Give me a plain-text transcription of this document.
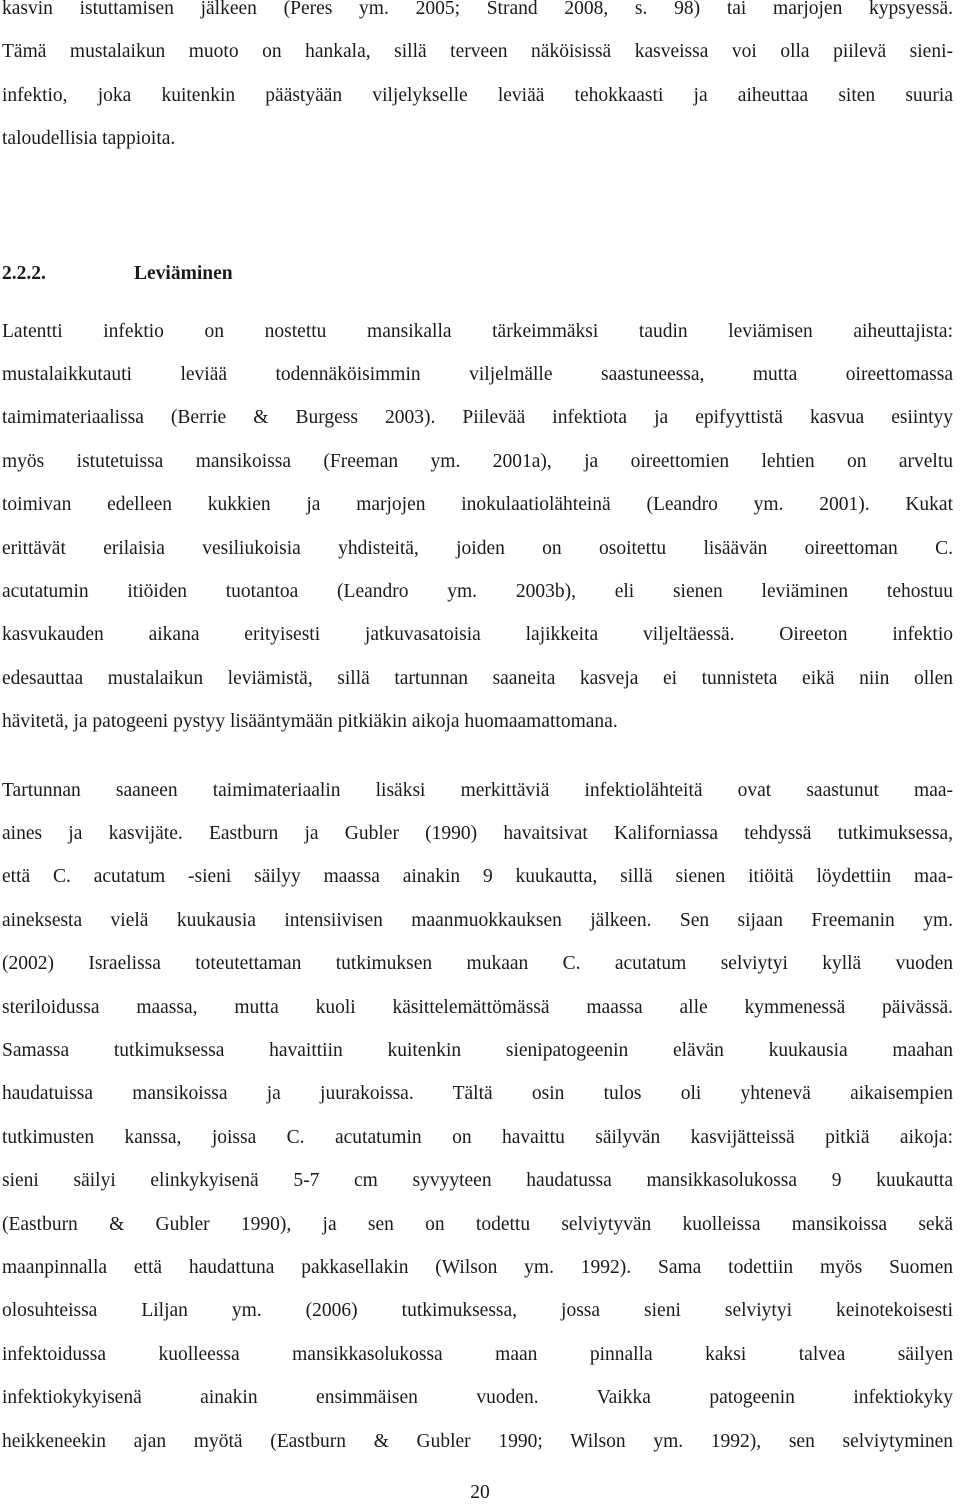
kasvin istuttamisen jälkeen (Peres ym. 2005; Strand 2008, s. 98) tai marjojen kypsyessä.
Tämä mustalaikun muoto on hankala, sillä terveen näköisissä kasveissa voi olla piilevä sieni-
infektio, joka kuitenkin päästyään viljelykselle leviää tehokkaasti ja aiheuttaa siten suuria
taloudellisia tappioita.
2.2.2.	Leviäminen
Latentti infektio on nostettu mansikalla tärkeimmäksi taudin leviämisen aiheuttajista:
mustalaikkutauti leviää todennäköisimmin viljelmälle saastuneessa, mutta oireettomassa
taimimateriaalissa (Berrie & Burgess 2003). Piilevää infektiota ja epifyyttistä kasvua esiintyy
myös istutetuissa mansikoissa (Freeman ym. 2001a), ja oireettomien lehtien on arveltu
toimivan edelleen kukkien ja marjojen inokulaatiolähteinä (Leandro ym. 2001). Kukat
erittävät erilaisia vesiliukoisia yhdisteitä, joiden on osoitettu lisäävän oireettoman C.
acutatumin itiöiden tuotantoa (Leandro ym. 2003b), eli sienen leviäminen tehostuu
kasvukauden aikana erityisesti jatkuvasatoisia lajikkeita viljeltäessä. Oireeton infektio
edesauttaa mustalaikun leviämistä, sillä tartunnan saaneita kasveja ei tunnisteta eikä niin ollen
hävitetä, ja patogeeni pystyy lisääntymään pitkiäkin aikoja huomaamattomana.
Tartunnan saaneen taimimateriaalin lisäksi merkittäviä infektiolähteitä ovat saastunut maa-
aines ja kasvijäte. Eastburn ja Gubler (1990) havaitsivat Kaliforniassa tehdyssä tutkimuksessa,
että C. acutatum -sieni säilyy maassa ainakin 9 kuukautta, sillä sienen itiöitä löydettiin maa-
aineksesta vielä kuukausia intensiivisen maanmuokkauksen jälkeen. Sen sijaan Freemanin ym.
(2002) Israelissa toteutettaman tutkimuksen mukaan C. acutatum selviytyi kyllä vuoden
steriloidussa maassa, mutta kuoli käsittelemättömässä maassa alle kymmenessä päivässä.
Samassa tutkimuksessa havaittiin kuitenkin sienipatogeenin elävän kuukausia maahan
haudatuissa mansikoissa ja juurakoissa. Tältä osin tulos oli yhtenevä aikaisempien
tutkimusten kanssa, joissa C. acutatumin on havaittu säilyvän kasvijätteissä pitkiä aikoja:
sieni säilyi elinkykyisenä 5-7 cm syvyyteen haudatussa mansikkasolukossa 9 kuukautta
(Eastburn & Gubler 1990), ja sen on todettu selviytyvän kuolleissa mansikoissa sekä
maanpinnalla että haudattuna pakkasellakin (Wilson ym. 1992). Sama todettiin myös Suomen
olosuhteissa Liljan ym. (2006) tutkimuksessa, jossa sieni selviytyi keinotekoisesti
infektoidussa kuolleessa mansikkasolukossa maan pinnalla kaksi talvea säilyen
infektiokykyisenä ainakin ensimmäisen vuoden. Vaikka patogeenin infektiokyky
heikkeneekin ajan myötä (Eastburn & Gubler 1990; Wilson ym. 1992), sen selviytyminen
20
